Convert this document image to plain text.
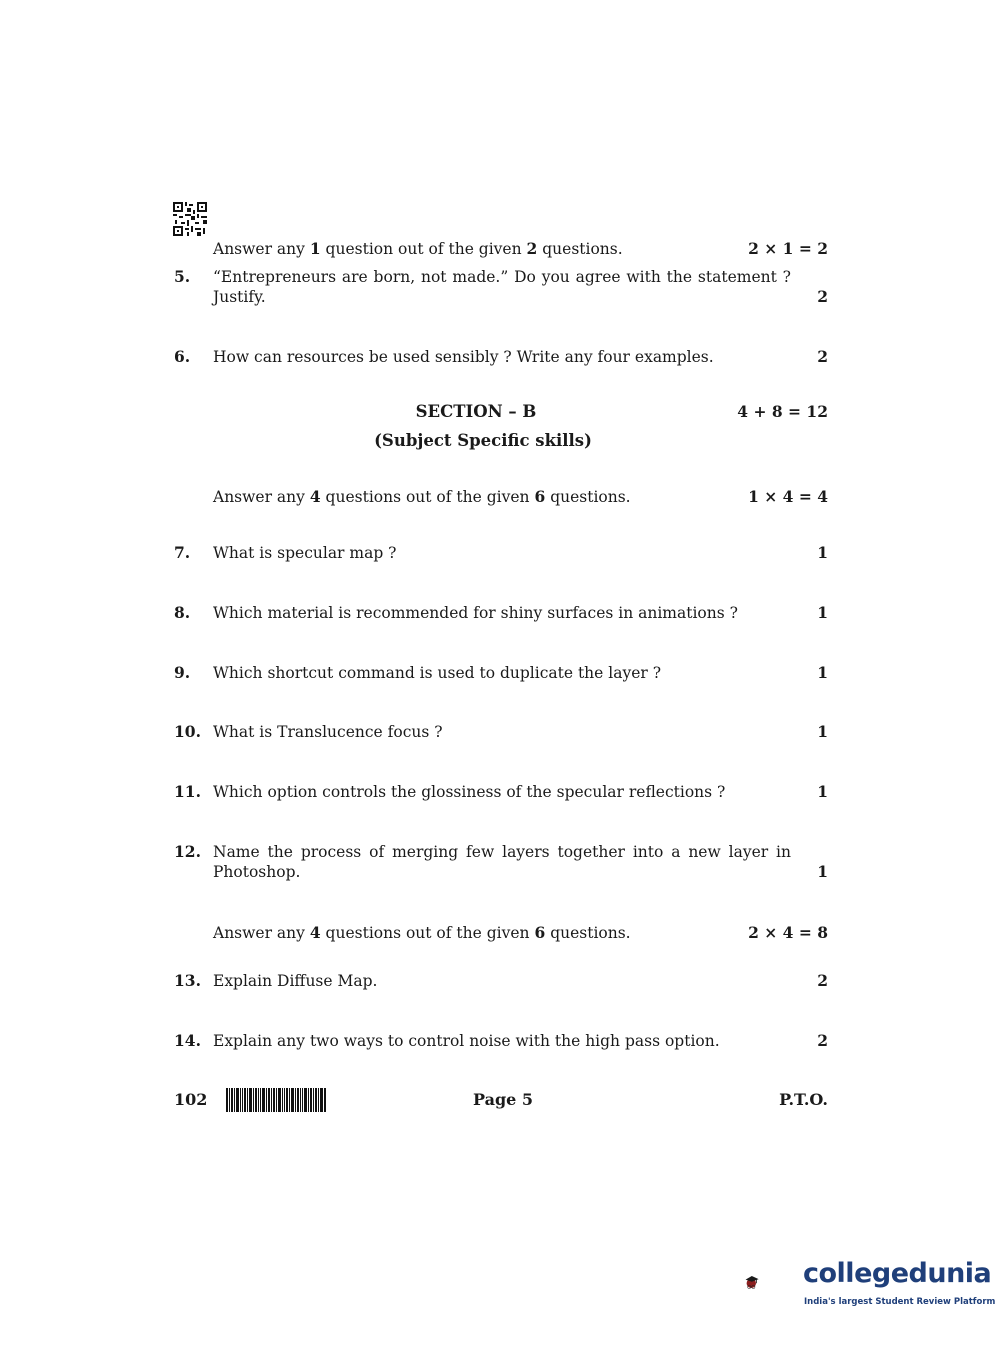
Answer any 1 question out of the given 2 questions.	2 × 1 = 2
5. “Entrepreneurs are born, not made.” Do you agree with the statement ?
Justify.	2
6. How can resources be used sensibly ? Write any four examples.	2
SECTION – B	4 + 8 = 12
(Subject Specific skills)
Answer any 4 questions out of the given 6 questions.	1 × 4 = 4
7. What is specular map ?	1
8. Which material is recommended for shiny surfaces in animations ?	1
9. Which shortcut command is used to duplicate the layer ?	1
10. What is Translucence focus ?	1
11. Which option controls the glossiness of the specular reflections ?	1
12. Name the process of merging few layers together into a new layer in
Photoshop.	1
Answer any 4 questions out of the given 6 questions.	2 × 4 = 8
13. Explain Diffuse Map.	2
14. Explain any two ways to control noise with the high pass option.	2
102	Page 5	P.T.O.
collegedunia
India's largest Student Review Platform
